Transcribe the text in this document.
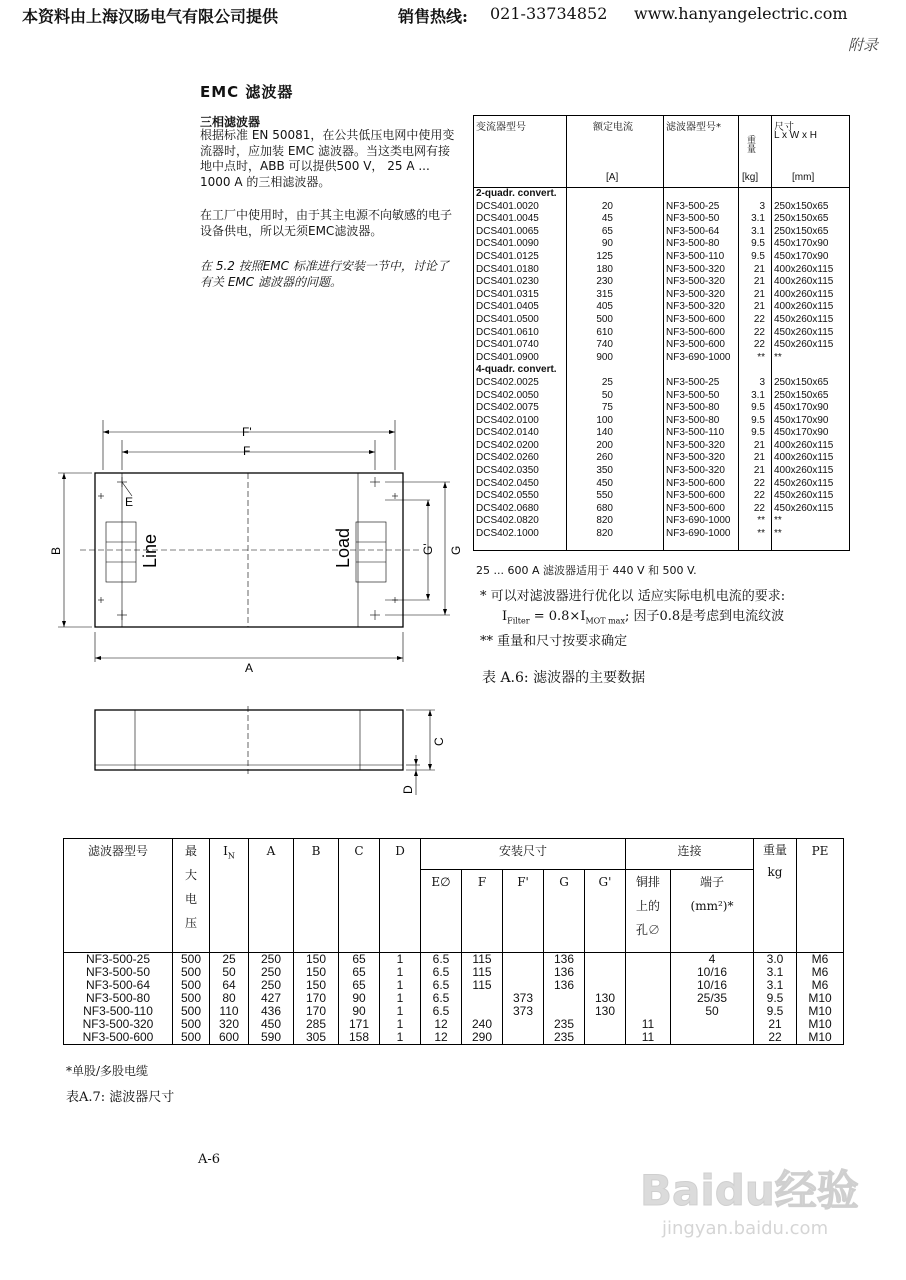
本资料由上海汉旸电气有限公司提供	销售热线: 021-33734852 www.hanyangelectric.com
附录
EMC 滤波器
三相滤波器
根据标准 EN 50081，在公共低压电网中使用变流器时，应加装 EMC 滤波器。当这类电网有接地中点时，ABB 可以提供500 V， 25 A ... 1000 A 的三相滤波器。
在工厂中使用时，由于其主电源不向敏感的电子设备供电，所以无须EMC滤波器。
在 5.2 按照EMC 标准进行安装一节中，讨论了有关 EMC 滤波器的问题。
F'
F
E
B
A
G
G'
C
D
Line	Load
变流器型号	额定电流	滤波器型号*
重量
尺寸
L x W x H
[A]	[kg]	[mm]
2-quadr. convert.
DCS401.0020	20	NF3-500-25	3 250x150x65
DCS401.0045	45	NF3-500-50	3.1 250x150x65
DCS401.0065	65	NF3-500-64	3.1 250x150x65
DCS401.0090	90	NF3-500-80	9.5 450x170x90
DCS401.0125	125	NF3-500-110	9.5 450x170x90
DCS401.0180	180	NF3-500-320	21 400x260x115
DCS401.0230	230	NF3-500-320	21 400x260x115
DCS401.0315	315	NF3-500-320	21 400x260x115
DCS401.0405	405	NF3-500-320	21 400x260x115
DCS401.0500	500	NF3-500-600	22 450x260x115
DCS401.0610	610	NF3-500-600	22 450x260x115
DCS401.0740	740	NF3-500-600	22 450x260x115
DCS401.0900	900	NF3-690-1000	** **
4-quadr. convert.
DCS402.0025	25	NF3-500-25	3 250x150x65
DCS402.0050	50	NF3-500-50	3.1 250x150x65
DCS402.0075	75	NF3-500-80	9.5 450x170x90
DCS402.0100	100	NF3-500-80	9.5 450x170x90
DCS402.0140	140	NF3-500-110	9.5 450x170x90
DCS402.0200	200	NF3-500-320	21 400x260x115
DCS402.0260	260	NF3-500-320	21 400x260x115
DCS402.0350	350	NF3-500-320	21 400x260x115
DCS402.0450	450	NF3-500-600	22 450x260x115
DCS402.0550	550	NF3-500-600	22 450x260x115
DCS402.0680	680	NF3-500-600	22 450x260x115
DCS402.0820	820	NF3-690-1000	** **
DCS402.1000	820	NF3-690-1000	** **
25 ... 600 A 滤波器适用于 440 V 和 500 V.
* 可以对滤波器进行优化以 适应实际电机电流的要求:
$I_{Filter} = 0.8\times I_{MOT max}$; 因子0.8是考虑到电流纹波
** 重量和尺寸按要求确定
表 A.6: 滤波器的主要数据
滤波器型号	最
大
电
压	$I_N$	A	B	C	D	安装尺寸					连接		重量
kg	PE
							E∅	F	F'	G	G'	铜排
上的
孔∅	端子
(mm²)*		
NF3-500-25	500	25	250	150	65	1	6.5	115		136			4	3.0	M6
NF3-500-50	500	50	250	150	65	1	6.5	115		136			10/16	3.1	M6
NF3-500-64	500	64	250	150	65	1	6.5	115		136			10/16	3.1	M6
NF3-500-80	500	80	427	170	90	1	6.5		373		130		25/35	9.5	M10
NF3-500-110	500	110	436	170	90	1	6.5		373		130		50	9.5	M10
NF3-500-320	500	320	450	285	171	1	12	240		235		11		21	M10
NF3-500-600	500	600	590	305	158	1	12	290		235		11		22	M10
*单股/多股电缆
表A.7: 滤波器尺寸
A-6
Baidu经验
jingyan.baidu.com
